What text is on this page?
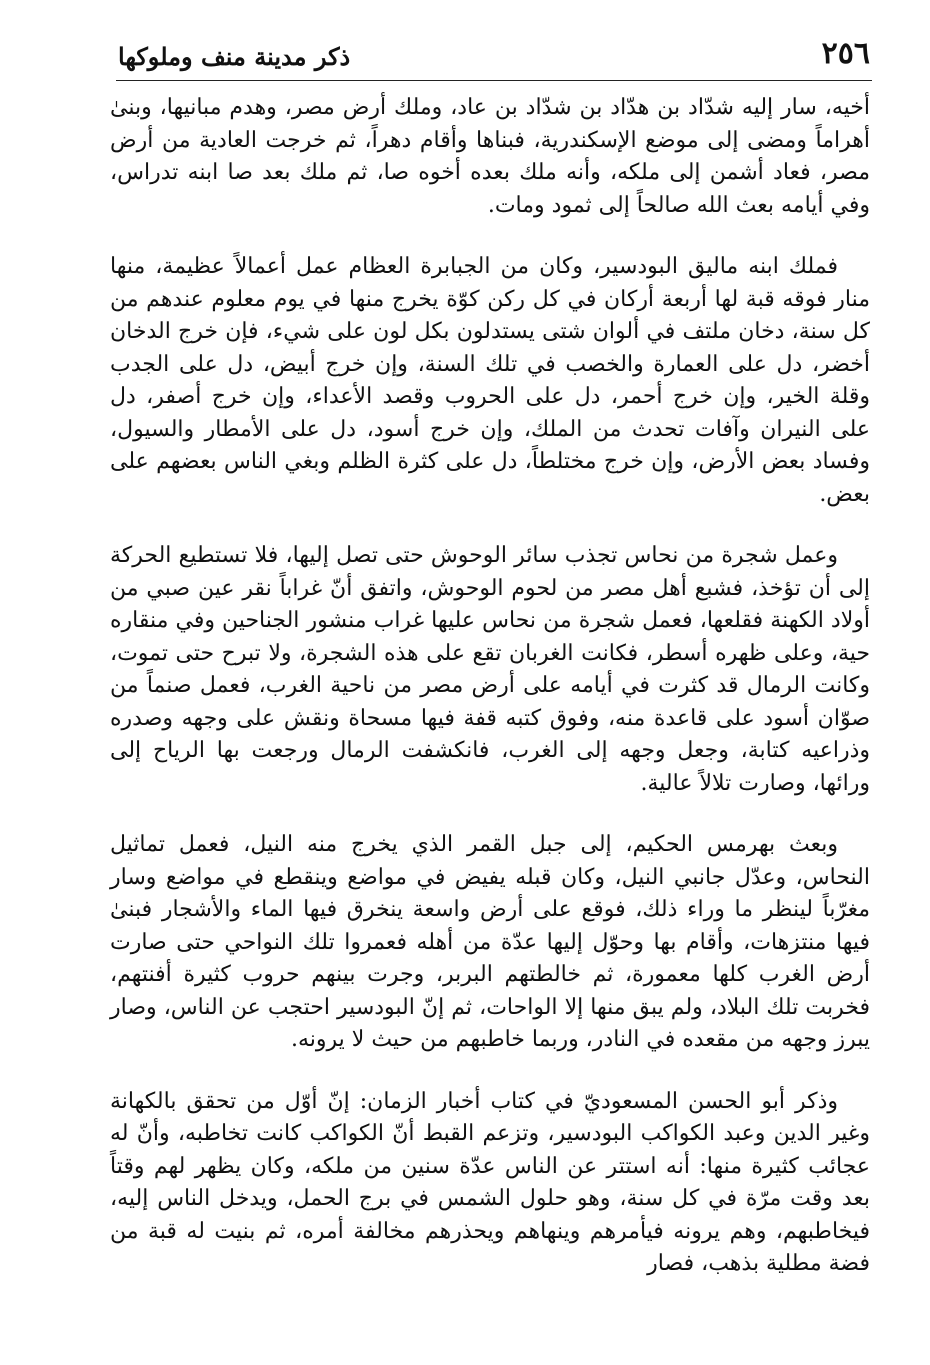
٢٥٦
ذكر مدينة منف وملوكها

أخيه، سار إليه شدّاد بن هدّاد بن شدّاد بن عاد، وملك أرض مصر، وهدم مبانيها، وبنىٰ أهراماً ومضى إلى موضع الإسكندرية، فبناها وأقام دهراً، ثم خرجت العادية من أرض مصر، فعاد أشمن إلى ملكه، وأنه ملك بعده أخوه صا، ثم ملك بعد صا ابنه تدراس، وفي أيامه بعث الله صالحاً إلى ثمود ومات.

فملك ابنه ماليق البودسير، وكان من الجبابرة العظام عمل أعمالاً عظيمة، منها منار فوقه قبة لها أربعة أركان في كل ركن كوّة يخرج منها في يوم معلوم عندهم من كل سنة، دخان ملتف في ألوان شتى يستدلون بكل لون على شيء، فإن خرج الدخان أخضر، دل على العمارة والخصب في تلك السنة، وإن خرج أبيض، دل على الجدب وقلة الخير، وإن خرج أحمر، دل على الحروب وقصد الأعداء، وإن خرج أصفر، دل على النيران وآفات تحدث من الملك، وإن خرج أسود، دل على الأمطار والسيول، وفساد بعض الأرض، وإن خرج مختلطاً، دل على كثرة الظلم وبغي الناس بعضهم على بعض.

وعمل شجرة من نحاس تجذب سائر الوحوش حتى تصل إليها، فلا تستطيع الحركة إلى أن تؤخذ، فشبع أهل مصر من لحوم الوحوش، واتفق أنّ غراباً نقر عين صبي من أولاد الكهنة فقلعها، فعمل شجرة من نحاس عليها غراب منشور الجناحين وفي منقاره حية، وعلى ظهره أسطر، فكانت الغربان تقع على هذه الشجرة، ولا تبرح حتى تموت، وكانت الرمال قد كثرت في أيامه على أرض مصر من ناحية الغرب، فعمل صنماً من صوّان أسود على قاعدة منه، وفوق كتبه قفة فيها مسحاة ونقش على وجهه وصدره وذراعيه كتابة، وجعل وجهه إلى الغرب، فانكشفت الرمال ورجعت بها الرياح إلى ورائها، وصارت تلالاً عالية.

وبعث بهرمس الحكيم، إلى جبل القمر الذي يخرج منه النيل، فعمل تماثيل النحاس، وعدّل جانبي النيل، وكان قبله يفيض في مواضع وينقطع في مواضع وسار مغرّباً لينظر ما وراء ذلك، فوقع على أرض واسعة ينخرق فيها الماء والأشجار فبنىٰ فيها منتزهات، وأقام بها وحوّل إليها عدّة من أهله فعمروا تلك النواحي حتى صارت أرض الغرب كلها معمورة، ثم خالطتهم البربر، وجرت بينهم حروب كثيرة أفنتهم، فخربت تلك البلاد، ولم يبق منها إلا الواحات، ثم إنّ البودسير احتجب عن الناس، وصار يبرز وجهه من مقعده في النادر، وربما خاطبهم من حيث لا يرونه.

وذكر أبو الحسن المسعوديّ في كتاب أخبار الزمان: إنّ أوّل من تحقق بالكهانة وغير الدين وعبد الكواكب البودسير، وتزعم القبط أنّ الكواكب كانت تخاطبه، وأنّ له عجائب كثيرة منها: أنه استتر عن الناس عدّة سنين من ملكه، وكان يظهر لهم وقتاً بعد وقت مرّة في كل سنة، وهو حلول الشمس في برج الحمل، ويدخل الناس إليه، فيخاطبهم، وهم يرونه فيأمرهم وينهاهم ويحذرهم مخالفة أمره، ثم بنيت له قبة من فضة مطلية بذهب، فصار
